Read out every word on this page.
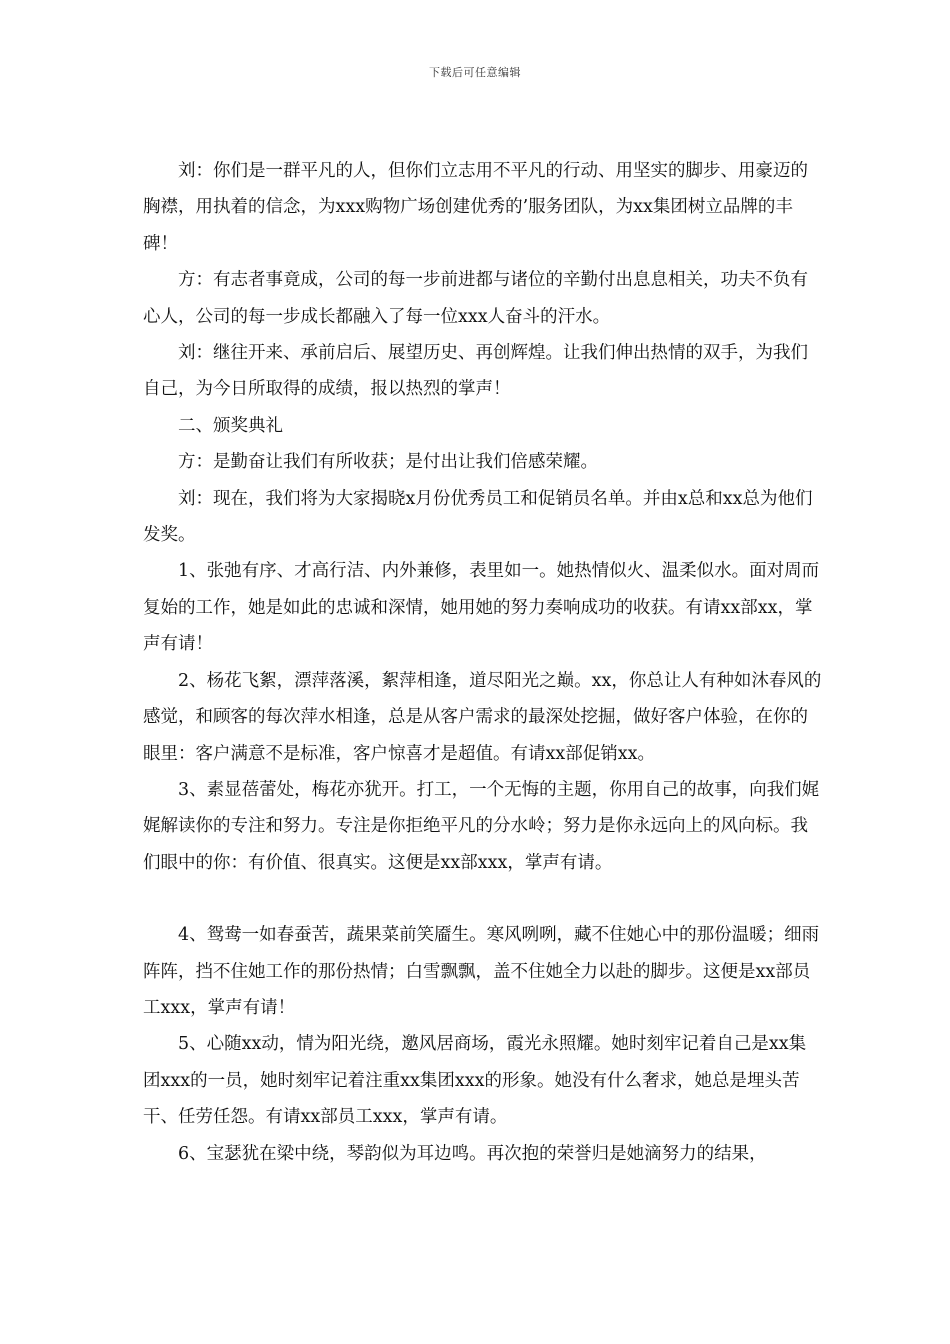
下载后可任意编辑

刘：你们是一群平凡的人，但你们立志用不平凡的行动、用坚实的脚步、用豪迈的胸襟，用执着的信念，为xxx购物广场创建优秀的’服务团队，为xx集团树立品牌的丰碑！

方：有志者事竟成，公司的每一步前进都与诸位的辛勤付出息息相关，功夫不负有心人，公司的每一步成长都融入了每一位xxx人奋斗的汗水。

刘：继往开来、承前启后、展望历史、再创辉煌。让我们伸出热情的双手，为我们自己，为今日所取得的成绩，报以热烈的掌声！

二、颁奖典礼

方：是勤奋让我们有所收获；是付出让我们倍感荣耀。

刘：现在，我们将为大家揭晓x月份优秀员工和促销员名单。并由x总和xx总为他们发奖。

1、张弛有序、才高行洁、内外兼修，表里如一。她热情似火、温柔似水。面对周而复始的工作，她是如此的忠诚和深情，她用她的努力奏响成功的收获。有请xx部xx，掌声有请！

2、杨花飞絮，漂萍落溪，絮萍相逢，道尽阳光之巅。xx，你总让人有种如沐春风的感觉，和顾客的每次萍水相逢，总是从客户需求的最深处挖掘，做好客户体验，在你的眼里：客户满意不是标准，客户惊喜才是超值。有请xx部促销xx。

3、素显蓓蕾处，梅花亦犹开。打工，一个无悔的主题，你用自己的故事，向我们娓娓解读你的专注和努力。专注是你拒绝平凡的分水岭；努力是你永远向上的风向标。我们眼中的你：有价值、很真实。这便是xx部xxx，掌声有请。

4、鸳鸯一如春蚕苦，蔬果菜前笑靥生。寒风咧咧，藏不住她心中的那份温暖；细雨阵阵，挡不住她工作的那份热情；白雪飘飘，盖不住她全力以赴的脚步。这便是xx部员工xxx，掌声有请！

5、心随xx动，情为阳光绕，邀风居商场，霞光永照耀。她时刻牢记着自己是xx集团xxx的一员，她时刻牢记着注重xx集团xxx的形象。她没有什么奢求，她总是埋头苦干、任劳任怨。有请xx部员工xxx，掌声有请。

6、宝瑟犹在梁中绕，琴韵似为耳边鸣。再次抱的荣誉归是她滴努力的结果，
